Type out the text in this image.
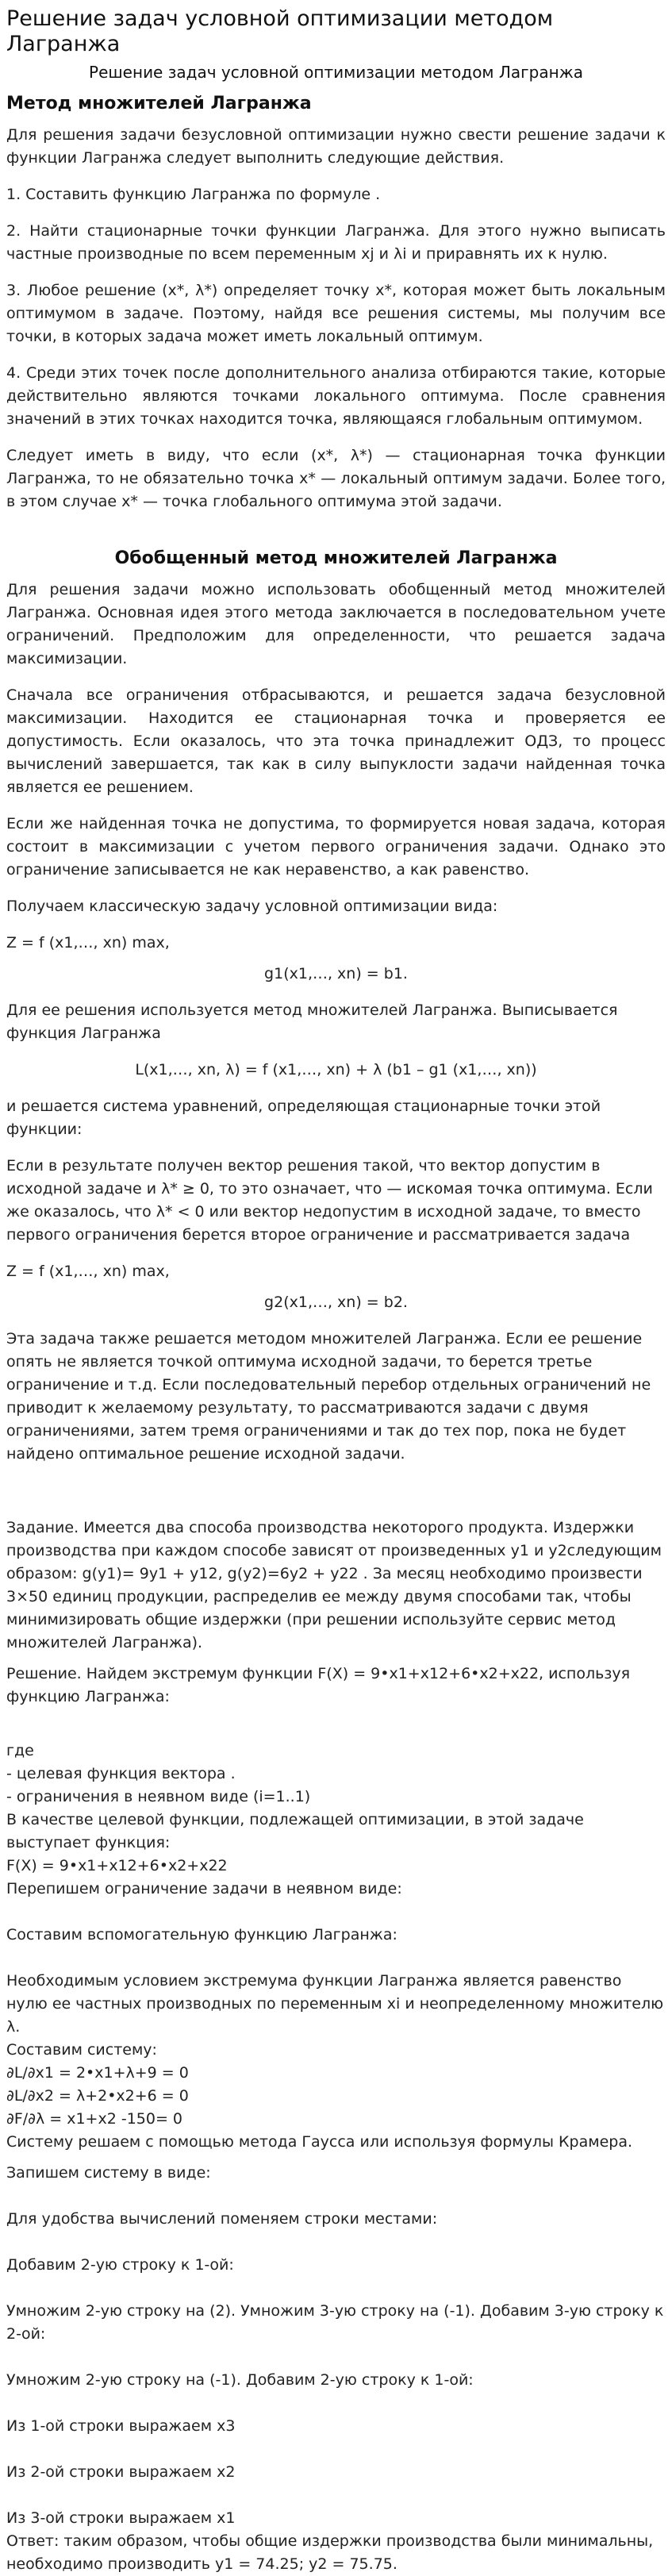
Решение задач условной оптимизации методом Лагранжа
Решение задач условной оптимизации методом Лагранжа
Метод множителей Лагранжа

Для решения задачи безусловной оптимизации нужно свести решение задачи к функции Лагранжа следует выполнить следующие действия.

1. Составить функцию Лагранжа по формуле .

2. Найти стационарные точки функции Лагранжа. Для этого нужно выписать частные производные по всем переменным xj и λi и приравнять их к нулю.

3. Любое решение (x*, λ*) определяет точку x*, которая может быть локальным оптимумом в задаче. Поэтому, найдя все решения системы, мы получим все точки, в которых задача может иметь локальный оптимум.

4. Среди этих точек после дополнительного анализа отбираются такие, которые действительно являются точками локального оптимума. После сравнения значений в этих точках находится точка, являющаяся глобальным оптимумом.

Следует иметь в виду, что если (x*, λ*) — стационарная точка функции Лагранжа, то не обязательно точка x* — локальный оптимум задачи. Более того, в этом случае x* — точка глобального оптимума этой задачи.

Обобщенный метод множителей Лагранжа

Для решения задачи можно использовать обобщенный метод множителей Лагранжа. Основная идея этого метода заключается в последовательном учете ограничений. Предположим для определенности, что решается задача максимизации.

Сначала все ограничения отбрасываются, и решается задача безусловной максимизации. Находится ее стационарная точка и проверяется ее допустимость. Если оказалось, что эта точка принадлежит ОДЗ, то процесс вычислений завершается, так как в силу выпуклости задачи найденная точка является ее решением.

Если же найденная точка не допустима, то формируется новая задача, которая состоит в максимизации с учетом первого ограничения задачи. Однако это ограничение записывается не как неравенство, а как равенство.

Получаем классическую задачу условной оптимизации вида:

Z = f (x1,…, xn) max,

g1(x1,…, xn) = b1.

Для ее решения используется метод множителей Лагранжа. Выписывается функция Лагранжа

L(x1,…, xn, λ) = f (x1,…, xn) + λ (b1 – g1 (x1,…, xn))

и решается система уравнений, определяющая стационарные точки этой функции:

Если в результате получен вектор решения такой, что вектор допустим в исходной задаче и λ* ≥ 0, то это означает, что — искомая точка оптимума. Если же оказалось, что λ* < 0 или вектор недопустим в исходной задаче, то вместо первого ограничения берется второе ограничение и рассматривается задача

Z = f (x1,…, xn) max,

g2(x1,…, xn) = b2.

Эта задача также решается методом множителей Лагранжа. Если ее решение опять не является точкой оптимума исходной задачи, то берется третье ограничение и т.д. Если последовательный перебор отдельных ограничений не приводит к желаемому результату, то рассматриваются задачи с двумя ограничениями, затем тремя ограничениями и так до тех пор, пока не будет найдено оптимальное решение исходной задачи.

Задание. Имеется два способа производства некоторого продукта. Издержки производства при каждом способе зависят от произведенных y1 и y2следующим образом: g(y1)= 9y1 + y12, g(y2)=6y2 + y22 . За месяц необходимо произвести 3×50 единиц продукции, распределив ее между двумя способами так, чтобы минимизировать общие издержки (при решении используйте сервис метод множителей Лагранжа).

Решение. Найдем экстремум функции F(X) = 9•x1+x12+6•x2+x22, используя функцию Лагранжа:

где

- целевая функция вектора .

- ограничения в неявном виде (i=1..1)

В качестве целевой функции, подлежащей оптимизации, в этой задаче выступает функция:

F(X) = 9•x1+x12+6•x2+x22

Перепишем ограничение задачи в неявном виде:

Составим вспомогательную функцию Лагранжа:

Необходимым условием экстремума функции Лагранжа является равенство нулю ее частных производных по переменным xi и неопределенному множителю λ.

Составим систему:

∂L/∂x1 = 2•x1+λ+9 = 0

∂L/∂x2 = λ+2•x2+6 = 0

∂F/∂λ = x1+x2 -150= 0

Систему решаем с помощью метода Гаусса или используя формулы Крамера.

Запишем систему в виде:

Для удобства вычислений поменяем строки местами:

Добавим 2-ую строку к 1-ой:

Умножим 2-ую строку на (2). Умножим 3-ую строку на (-1). Добавим 3-ую строку к 2-ой:

Умножим 2-ую строку на (-1). Добавим 2-ую строку к 1-ой:

Из 1-ой строки выражаем x3

Из 2-ой строки выражаем x2

Из 3-ой строки выражаем x1

Ответ: таким образом, чтобы общие издержки производства были минимальны, необходимо производить y1 = 74.25; y2 = 75.75.
